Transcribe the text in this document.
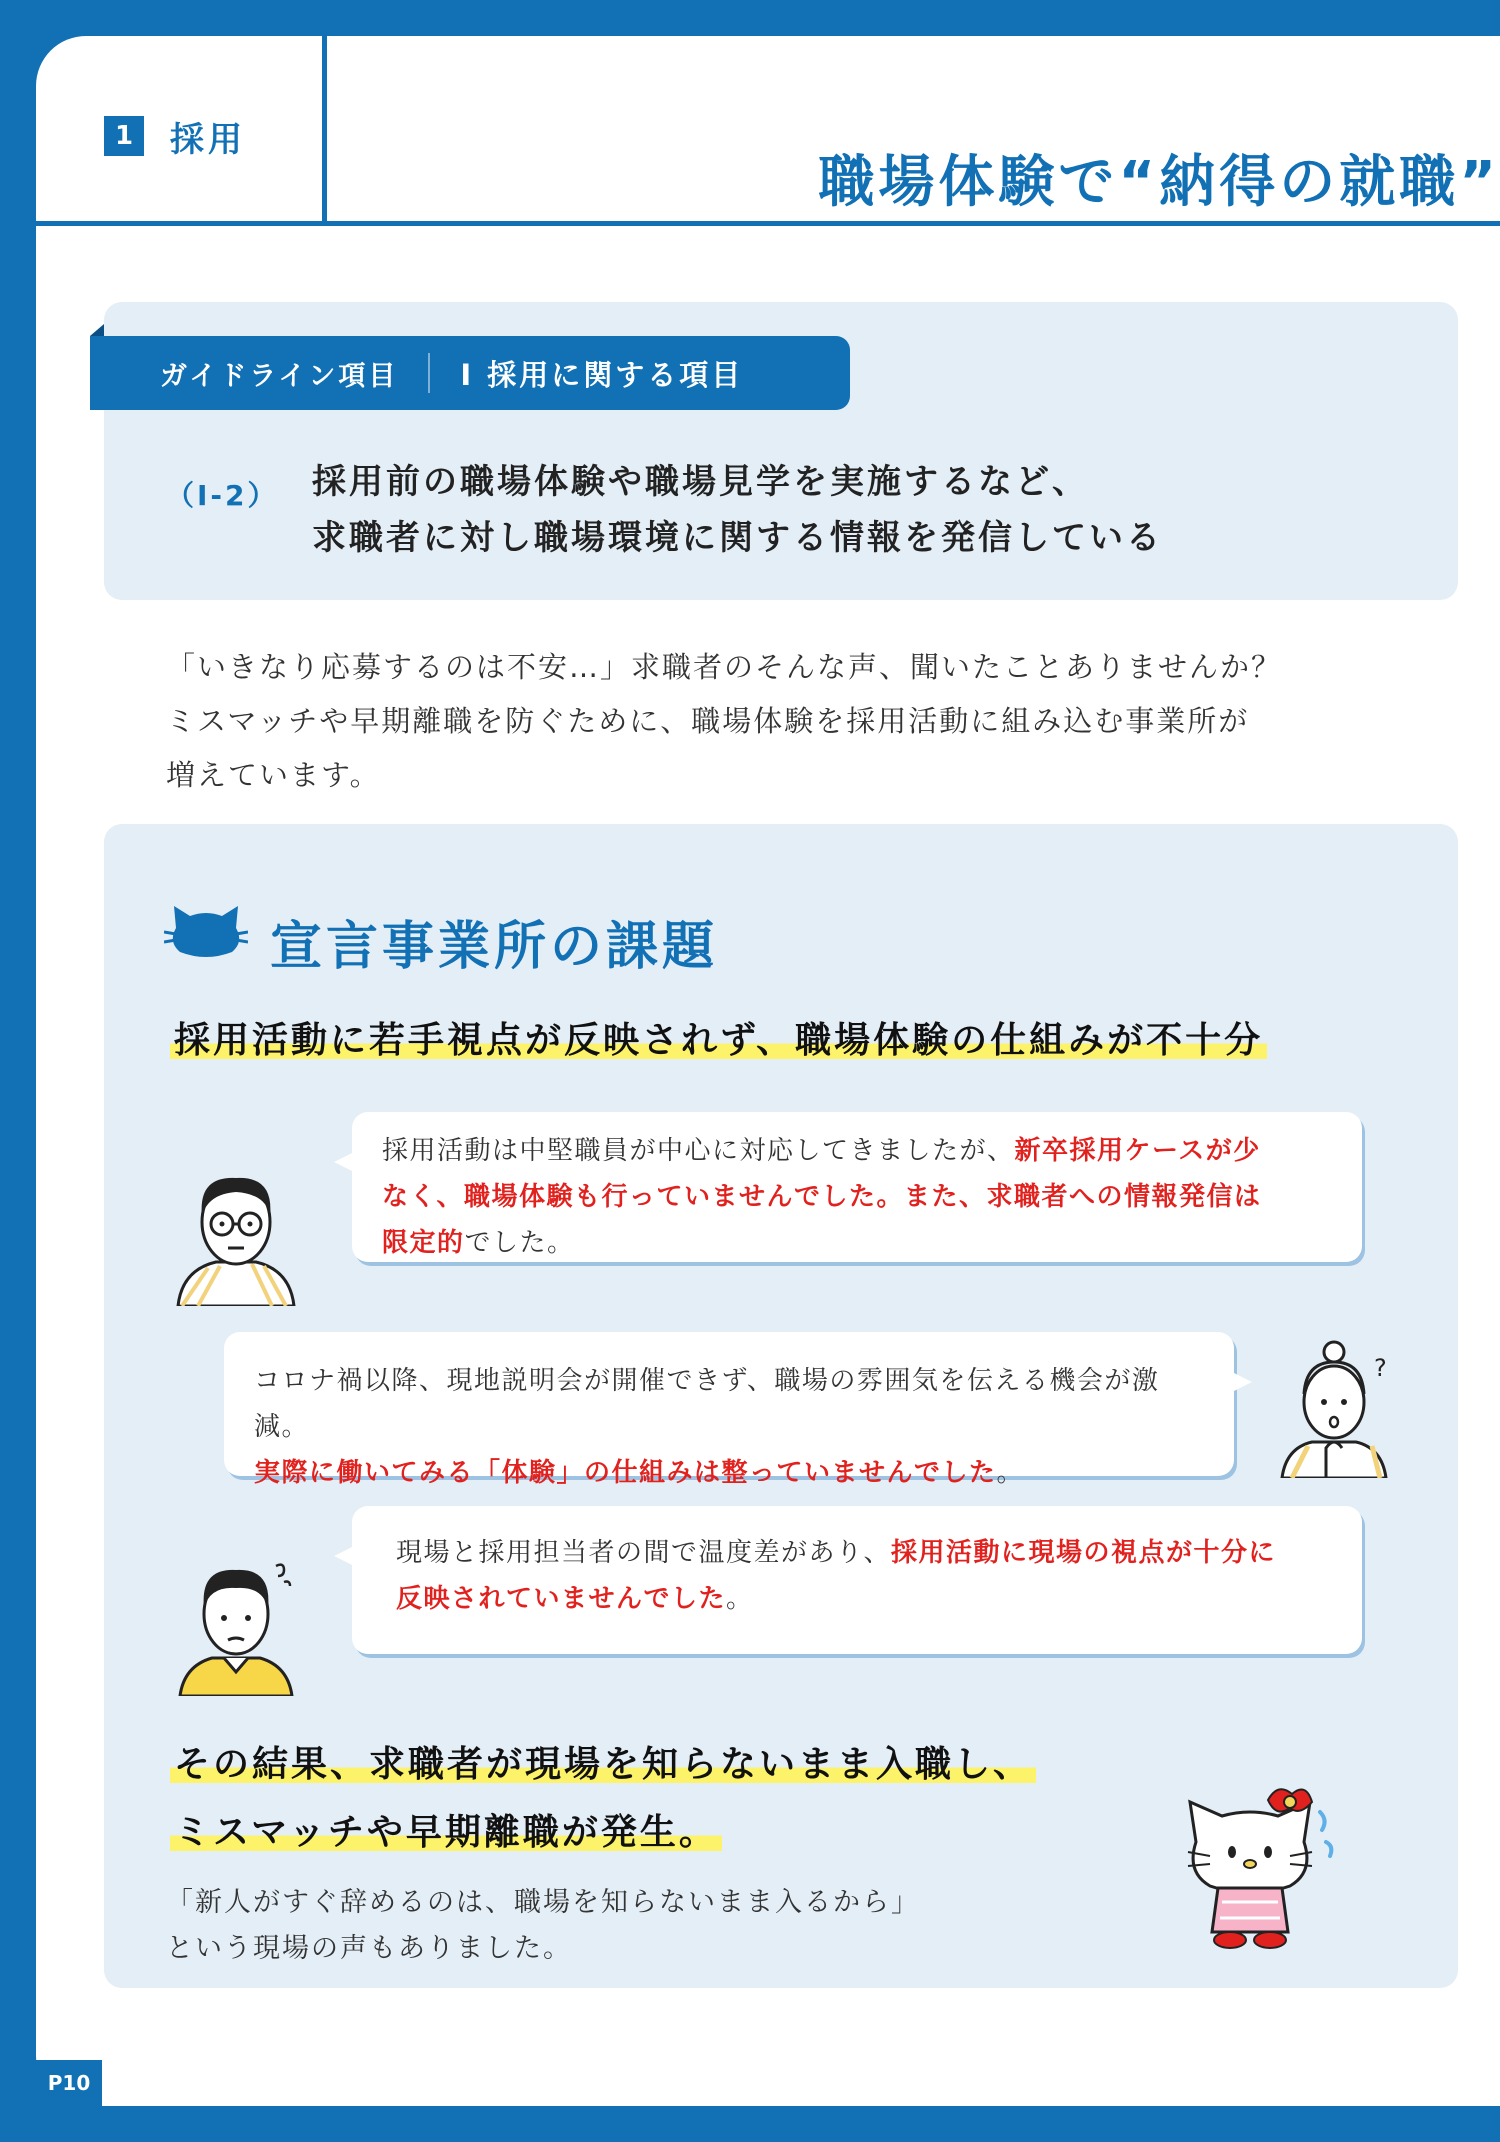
1	採用
職場体験で“納得の就職”
ガイドライン項目 Ⅰ 採用に関する項目
（Ⅰ-2） 採用前の職場体験や職場見学を実施するなど、
求職者に対し職場環境に関する情報を発信している
「いきなり応募するのは不安…」求職者のそんな声、聞いたことありませんか？
ミスマッチや早期離職を防ぐために、職場体験を採用活動に組み込む事業所が
増えています。
宣言事業所の課題
採用活動に若手視点が反映されず、職場体験の仕組みが不十分
採用活動は中堅職員が中心に対応してきましたが、新卒採用ケースが少
なく、職場体験も行っていませんでした。また、求職者への情報発信は
限定的でした。
コロナ禍以降、現地説明会が開催できず、職場の雰囲気を伝える機会が激減。
実際に働いてみる「体験」の仕組みは整っていませんでした。
?
現場と採用担当者の間で温度差があり、採用活動に現場の視点が十分に
反映されていませんでした。
その結果、求職者が現場を知らないまま入職し、
ミスマッチや早期離職が発生。
「新人がすぐ辞めるのは、職場を知らないまま入るから」
という現場の声もありました。
P10
